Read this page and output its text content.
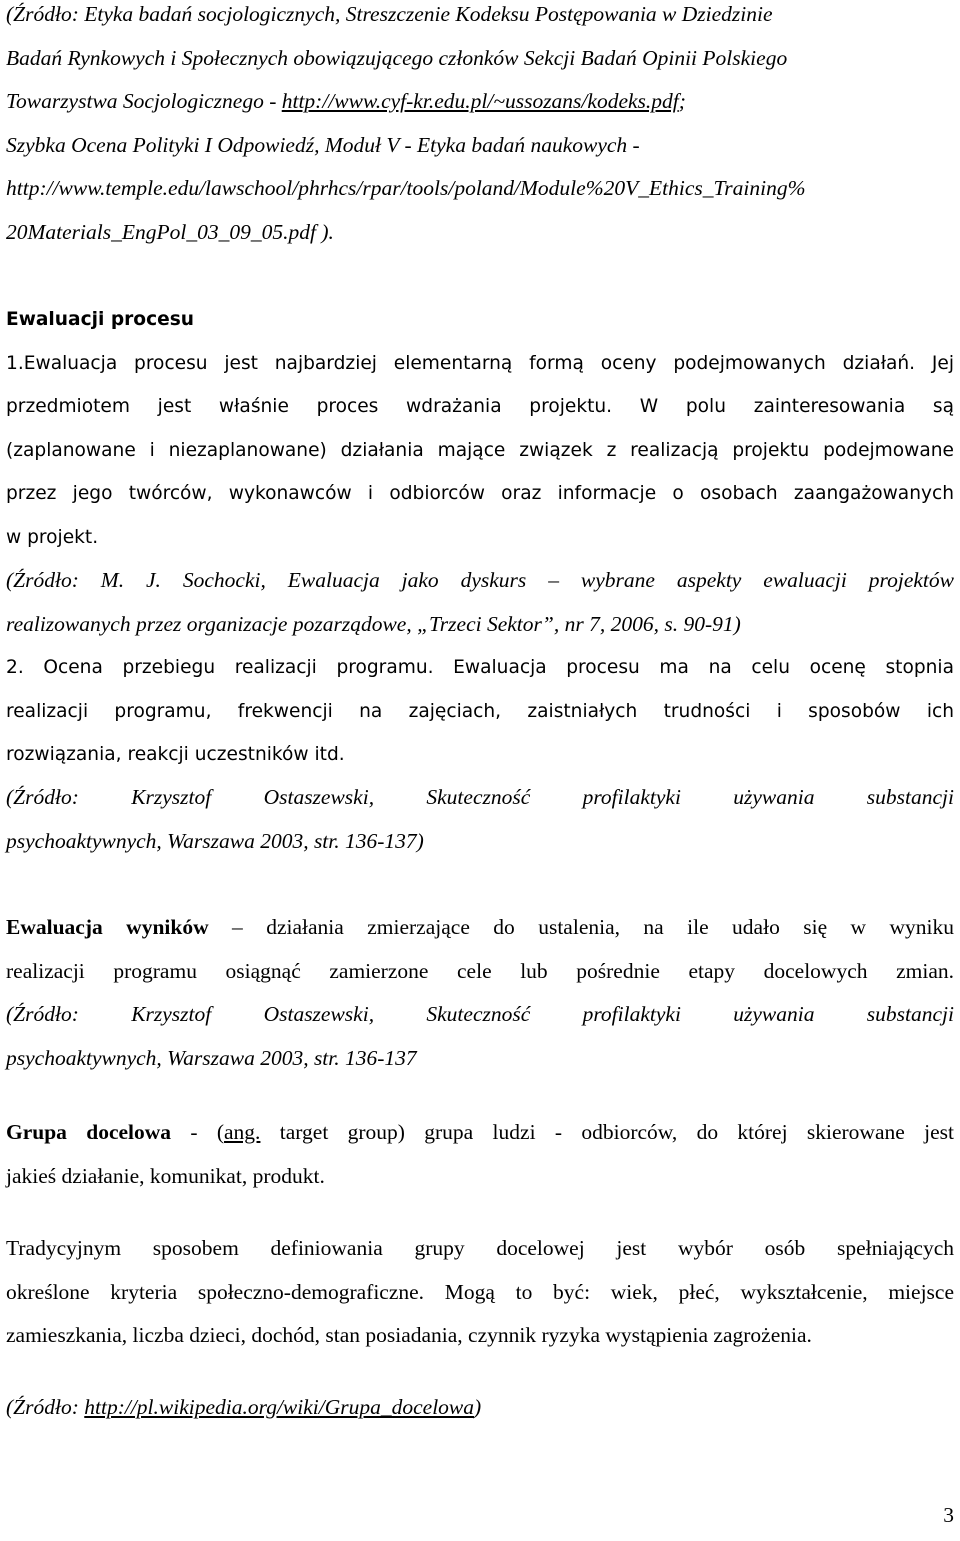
(Źródło: Etyka badań socjologicznych, Streszczenie Kodeksu Postępowania w Dziedzinie

Badań Rynkowych i Społecznych obowiązującego członków Sekcji Badań Opinii Polskiego

Towarzystwa Socjologicznego - http://www.cyf-kr.edu.pl/~ussozans/kodeks.pdf;

Szybka Ocena Polityki I Odpowiedź, Moduł V - Etyka badań naukowych -

http://www.temple.edu/lawschool/phrhcs/rpar/tools/poland/Module%20V_Ethics_Training%

20Materials_EngPol_03_09_05.pdf ).

Ewaluacji procesu

1.Ewaluacja procesu jest najbardziej elementarną formą oceny podejmowanych działań. Jej

przedmiotem jest właśnie proces wdrażania projektu. W polu zainteresowania są

(zaplanowane i niezaplanowane) działania mające związek z realizacją projektu podejmowane

przez jego twórców, wykonawców i odbiorców oraz informacje o osobach zaangażowanych

w projekt.

(Źródło: M. J. Sochocki, Ewaluacja jako dyskurs – wybrane aspekty ewaluacji projektów

realizowanych przez organizacje pozarządowe, „Trzeci Sektor”, nr 7, 2006, s. 90-91)

2. Ocena przebiegu realizacji programu. Ewaluacja procesu ma na celu ocenę stopnia

realizacji programu, frekwencji na zajęciach, zaistniałych trudności i sposobów ich

rozwiązania, reakcji uczestników itd.

(Źródło: Krzysztof Ostaszewski, Skuteczność profilaktyki używania substancji

psychoaktywnych, Warszawa 2003, str. 136-137)

Ewaluacja wyników – działania zmierzające do ustalenia, na ile udało się w wyniku

realizacji programu osiągnąć zamierzone cele lub pośrednie etapy docelowych zmian.

(Źródło: Krzysztof Ostaszewski, Skuteczność profilaktyki używania substancji

psychoaktywnych, Warszawa 2003, str. 136-137

Grupa docelowa - (ang. target group) grupa ludzi - odbiorców, do której skierowane jest

jakieś działanie, komunikat, produkt.

Tradycyjnym sposobem definiowania grupy docelowej jest wybór osób spełniających

określone kryteria społeczno-demograficzne. Mogą to być: wiek, płeć, wykształcenie, miejsce

zamieszkania, liczba dzieci, dochód, stan posiadania, czynnik ryzyka wystąpienia zagrożenia.

(Źródło: http://pl.wikipedia.org/wiki/Grupa_docelowa)

3
